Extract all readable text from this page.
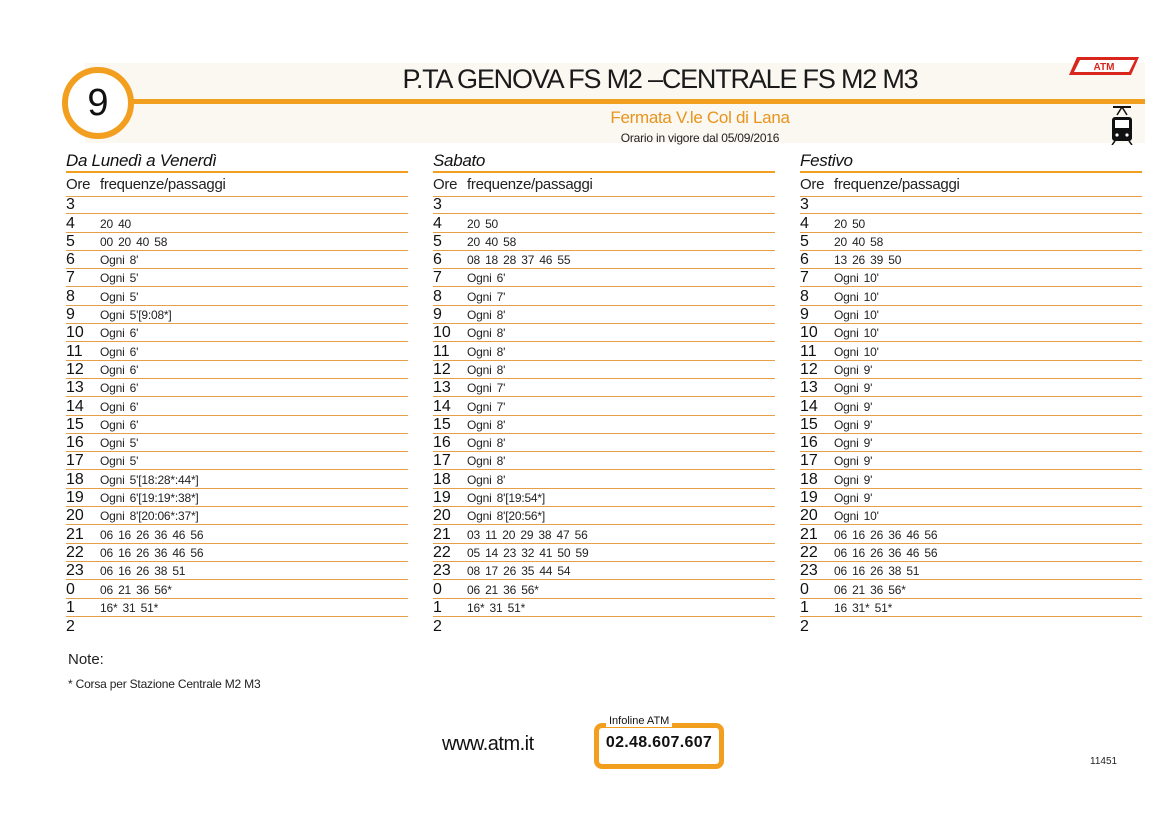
9
P.TA GENOVA FS M2 –CENTRALE FS M2 M3
Fermata V.le Col di Lana
Orario in vigore dal 05/09/2016
ATM
Da Lunedì a Venerdì
Ore frequenze/passaggi
3
4	20 40
5	00 20 40 58
6	Ogni 8'
7	Ogni 5'
8	Ogni 5'
9	Ogni 5'[9:08*]
10	Ogni 6'
11	Ogni 6'
12	Ogni 6'
13	Ogni 6'
14	Ogni 6'
15	Ogni 6'
16	Ogni 5'
17	Ogni 5'
18	Ogni 5'[18:28*:44*]
19	Ogni 6'[19:19*:38*]
20	Ogni 8'[20:06*:37*]
21	06 16 26 36 46 56
22	06 16 26 36 46 56
23	06 16 26 38 51
0	06 21 36 56*
1	16* 31 51*
2
Sabato
Ore frequenze/passaggi
3
4	20 50
5	20 40 58
6	08 18 28 37 46 55
7	Ogni 6'
8	Ogni 7'
9	Ogni 8'
10	Ogni 8'
11	Ogni 8'
12	Ogni 8'
13	Ogni 7'
14	Ogni 7'
15	Ogni 8'
16	Ogni 8'
17	Ogni 8'
18	Ogni 8'
19	Ogni 8'[19:54*]
20	Ogni 8'[20:56*]
21	03 11 20 29 38 47 56
22	05 14 23 32 41 50 59
23	08 17 26 35 44 54
0	06 21 36 56*
1	16* 31 51*
2
Festivo
Ore frequenze/passaggi
3
4	20 50
5	20 40 58
6	13 26 39 50
7	Ogni 10'
8	Ogni 10'
9	Ogni 10'
10	Ogni 10'
11	Ogni 10'
12	Ogni 9'
13	Ogni 9'
14	Ogni 9'
15	Ogni 9'
16	Ogni 9'
17	Ogni 9'
18	Ogni 9'
19	Ogni 9'
20	Ogni 10'
21	06 16 26 36 46 56
22	06 16 26 36 46 56
23	06 16 26 38 51
0	06 21 36 56*
1	16 31* 51*
2
Note:
* Corsa per Stazione Centrale M2 M3
www.atm.it
Infoline ATM
02.48.607.607
11451
